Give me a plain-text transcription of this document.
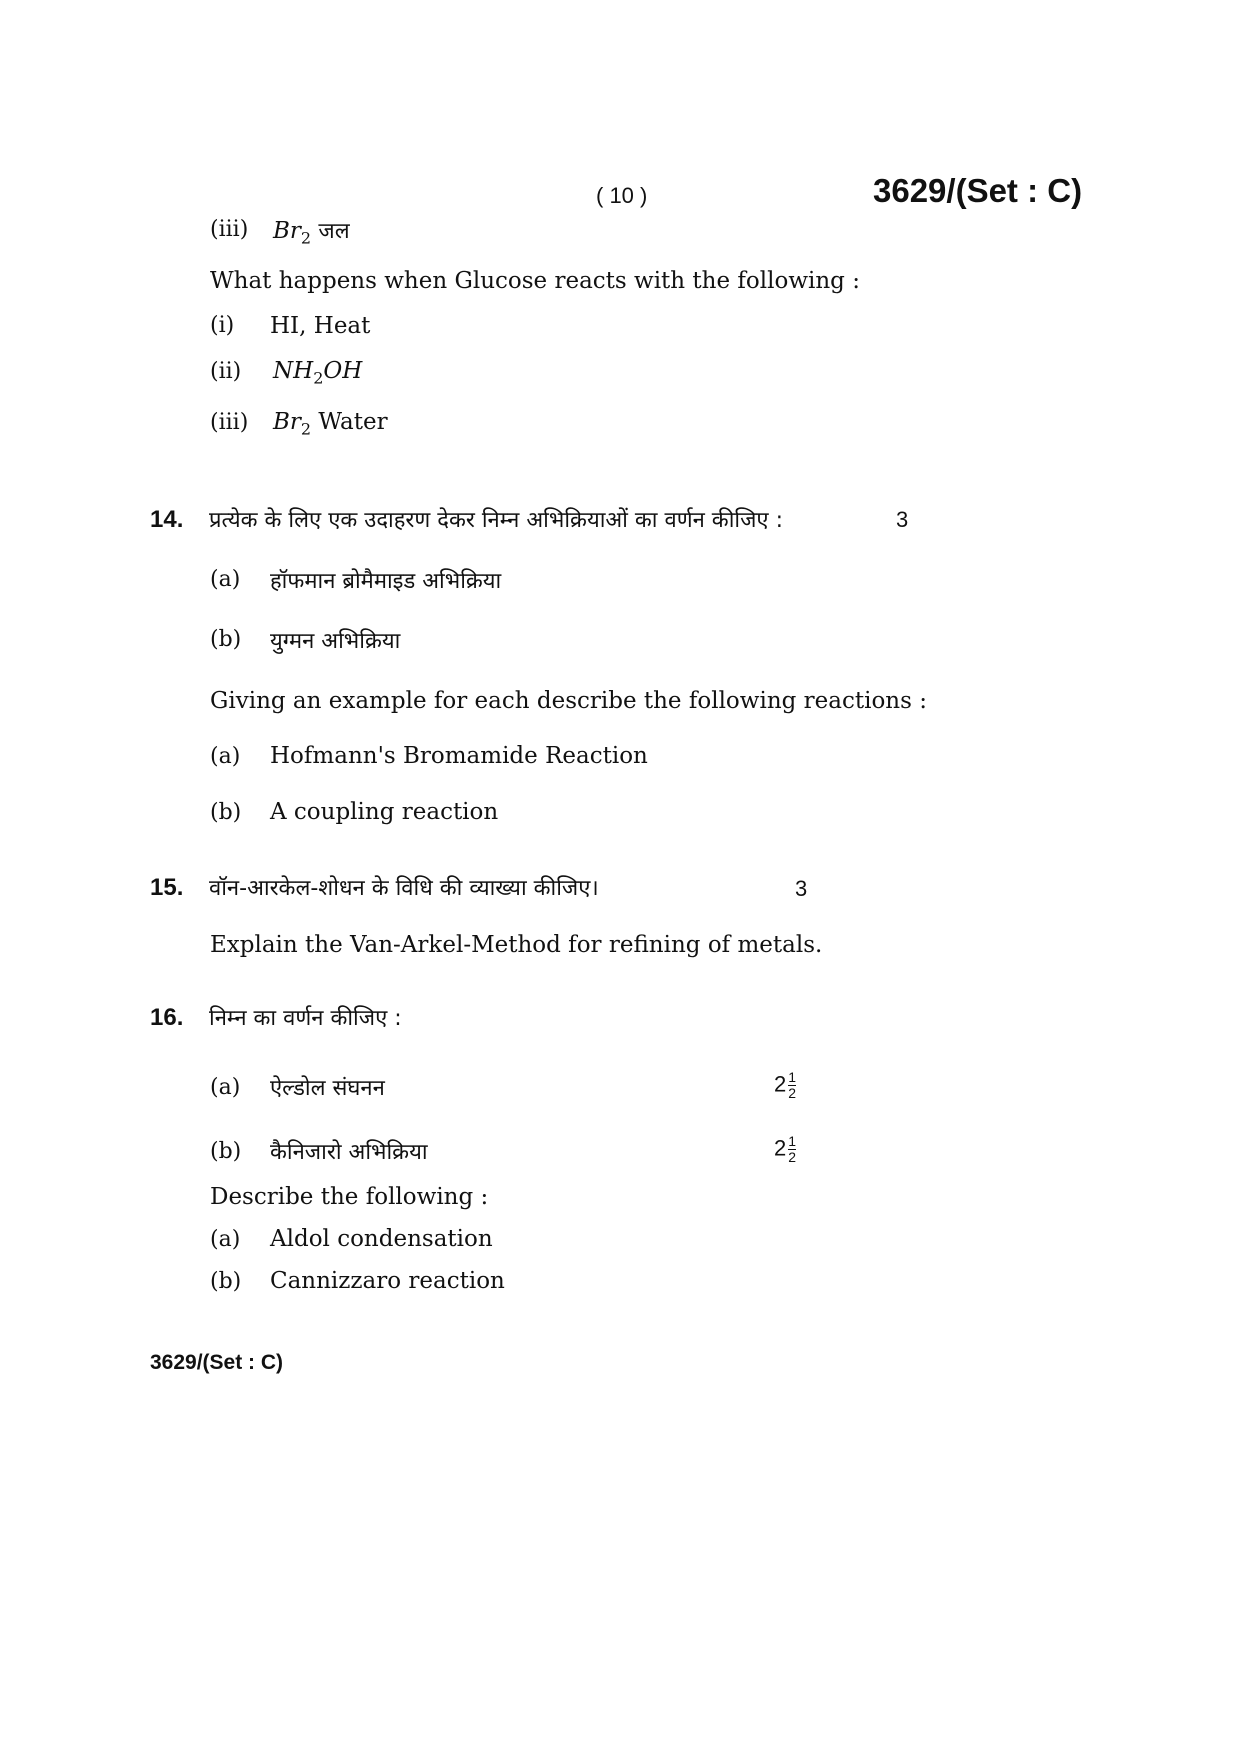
( 10 )	3629/(Set : C)
(iii) $Br_2$ जल
What happens when Glucose reacts with the following :
(i) HI, Heat
(ii) $NH_2OH$
(iii) $Br_2$ Water
14. प्रत्येक के लिए एक उदाहरण देकर निम्न अभिक्रियाओं का वर्णन कीजिए :	3
(a) हॉफमान ब्रोमैमाइड अभिक्रिया
(b) युग्मन अभिक्रिया
Giving an example for each describe the following reactions :
(a) Hofmann's Bromamide Reaction
(b) A coupling reaction
15. वॉन-आरकेल-शोधन के विधि की व्याख्या कीजिए।	3
Explain the Van-Arkel-Method for refining of metals.
16. निम्न का वर्णन कीजिए :
(a) ऐल्डोल संघनन	$2 \frac{1}{2}$
(b) कैनिजारो अभिक्रिया	$2 \frac{1}{2}$
Describe the following :
(a) Aldol condensation
(b) Cannizzaro reaction
3629/(Set : C)
